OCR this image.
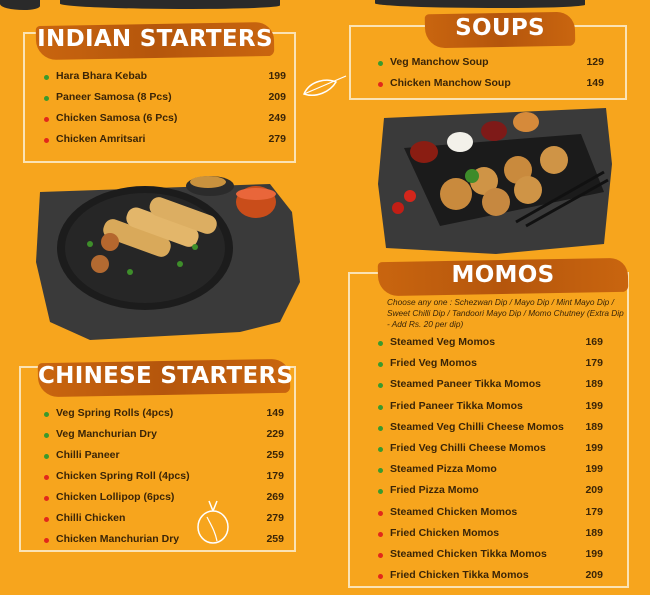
INDIAN STARTERS
Hara Bhara Kebab	199
Paneer Samosa (8 Pcs)	209
Chicken Samosa (6 Pcs)	249
Chicken Amritsari	279
SOUPS
Veg Manchow Soup	129
Chicken Manchow Soup	149
CHINESE STARTERS
Veg Spring Rolls (4pcs)	149
Veg Manchurian Dry	229
Chilli Paneer	259
Chicken Spring Roll (4pcs)	179
Chicken Lollipop (6pcs)	269
Chilli Chicken	279
Chicken Manchurian Dry	259
MOMOS
Choose any one : Schezwan Dip / Mayo Dip / Mint Mayo Dip / Sweet Chilli Dip / Tandoori Mayo Dip / Momo Chutney (Extra Dip - Add Rs. 20 per dip)
Steamed Veg Momos	169
Fried Veg Momos	179
Steamed Paneer Tikka Momos	189
Fried Paneer Tikka Momos	199
Steamed Veg Chilli Cheese Momos 189
Fried Veg Chilli Cheese Momos	199
Steamed Pizza Momo	199
Fried Pizza Momo	209
Steamed Chicken Momos	179
Fried Chicken Momos	189
Steamed Chicken Tikka Momos	199
Fried Chicken Tikka Momos	209
